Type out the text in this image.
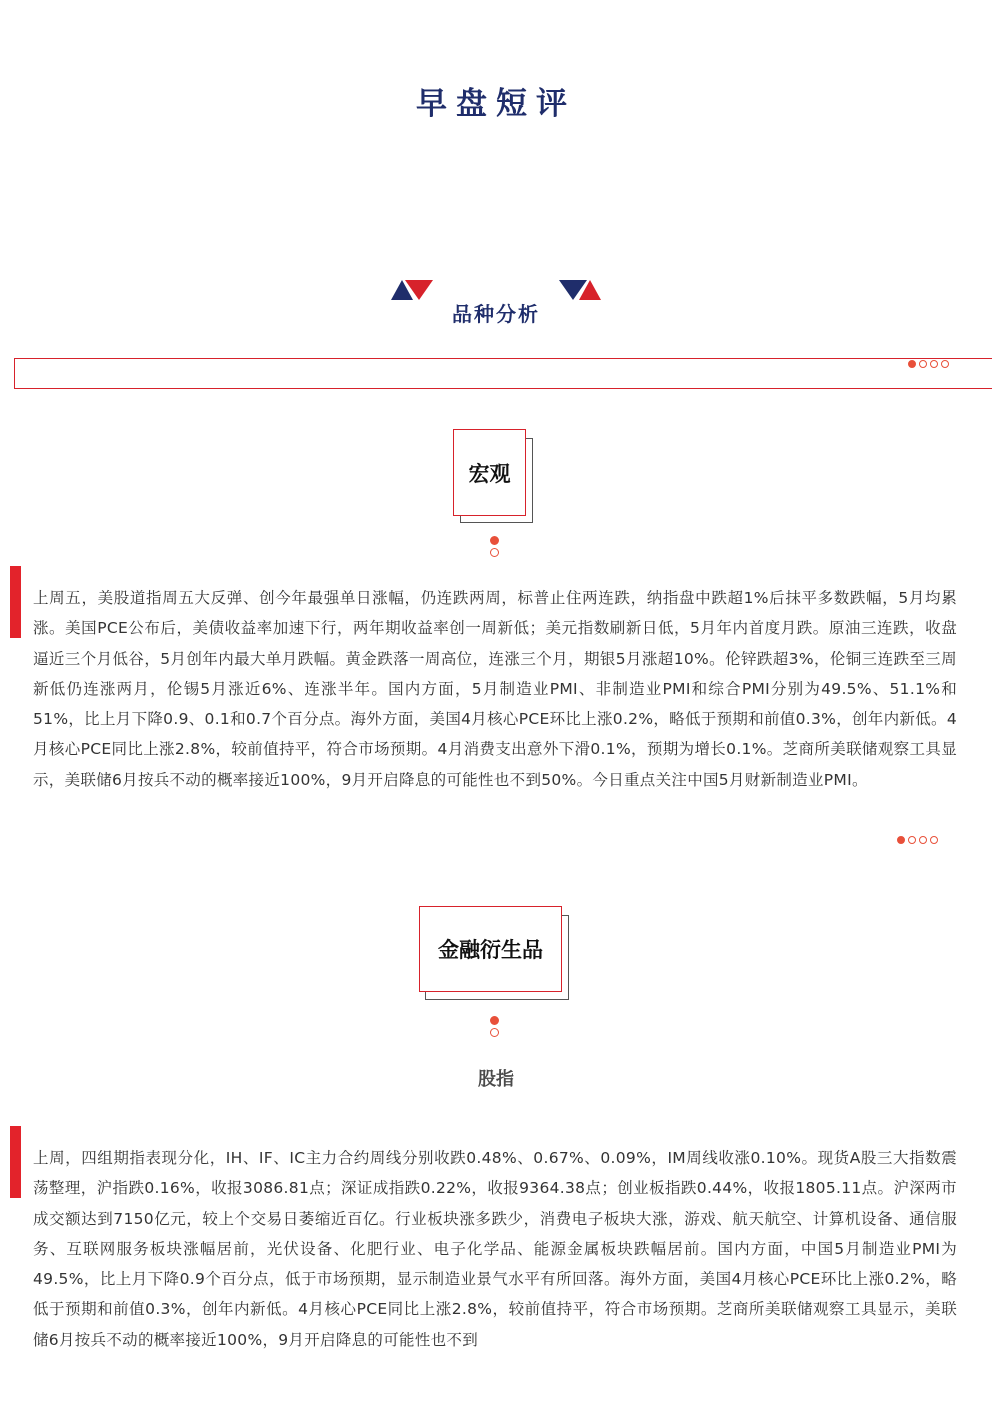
早盘短评
品种分析
宏观

上周五，美股道指周五大反弹、创今年最强单日涨幅，仍连跌两周，标普止住两连跌，纳指盘中跌超1%后抹平多数跌幅，5月均累涨。美国PCE公布后，美债收益率加速下行，两年期收益率创一周新低；美元指数刷新日低，5月年内首度月跌。原油三连跌，收盘逼近三个月低谷，5月创年内最大单月跌幅。黄金跌落一周高位，连涨三个月，期银5月涨超10%。伦锌跌超3%，伦铜三连跌至三周新低仍连涨两月，伦锡5月涨近6%、连涨半年。国内方面，5月制造业PMI、非制造业PMI和综合PMI分别为49.5%、51.1%和51%，比上月下降0.9、0.1和0.7个百分点。海外方面，美国4月核心PCE环比上涨0.2%，略低于预期和前值0.3%，创年内新低。4月核心PCE同比上涨2.8%，较前值持平，符合市场预期。4月消费支出意外下滑0.1%，预期为增长0.1%。芝商所美联储观察工具显示，美联储6月按兵不动的概率接近100%，9月开启降息的可能性也不到50%。今日重点关注中国5月财新制造业PMI。

金融衍生品
股指

上周，四组期指表现分化，IH、IF、IC主力合约周线分别收跌0.48%、0.67%、0.09%，IM周线收涨0.10%。现货A股三大指数震荡整理，沪指跌0.16%，收报3086.81点；深证成指跌0.22%，收报9364.38点；创业板指跌0.44%，收报1805.11点。沪深两市成交额达到7150亿元，较上个交易日萎缩近百亿。行业板块涨多跌少，消费电子板块大涨，游戏、航天航空、计算机设备、通信服务、互联网服务板块涨幅居前，光伏设备、化肥行业、电子化学品、能源金属板块跌幅居前。国内方面，中国5月制造业PMI为49.5%，比上月下降0.9个百分点，低于市场预期，显示制造业景气水平有所回落。海外方面，美国4月核心PCE环比上涨0.2%，略低于预期和前值0.3%，创年内新低。4月核心PCE同比上涨2.8%，较前值持平，符合市场预期。芝商所美联储观察工具显示，美联储6月按兵不动的概率接近100%，9月开启降息的可能性也不到
